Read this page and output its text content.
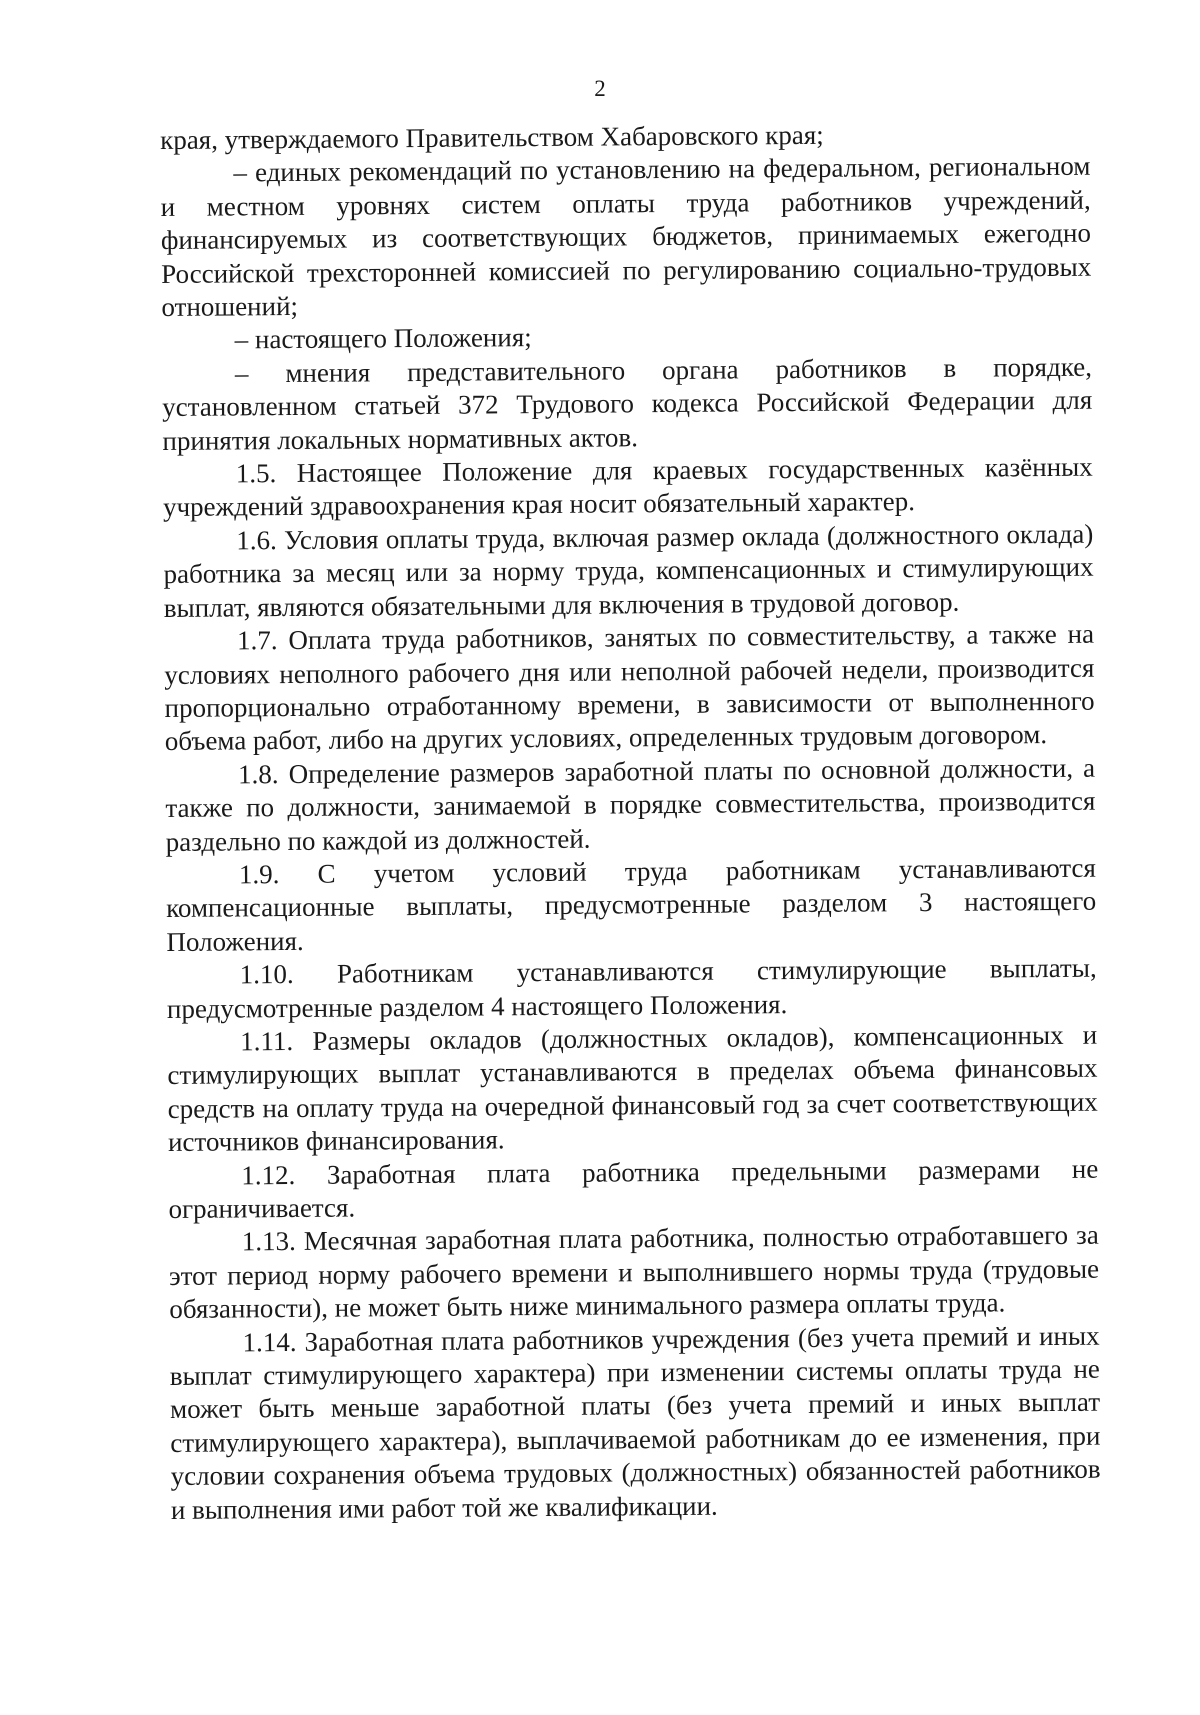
2

края, утверждаемого Правительством Хабаровского края;

– единых рекомендаций по установлению на федеральном, региональном и местном уровнях систем оплаты труда работников учреждений, финансируемых из соответствующих бюджетов, принимаемых ежегодно Российской трехсторонней комиссией по регулированию социально-трудовых отношений;

– настоящего Положения;

– мнения представительного органа работников в порядке, установленном статьей 372 Трудового кодекса Российской Федерации для принятия локальных нормативных актов.

1.5. Настоящее Положение для краевых государственных казённых учреждений здравоохранения края носит обязательный характер.

1.6. Условия оплаты труда, включая размер оклада (должностного оклада) работника за месяц или за норму труда, компенсационных и стимулирующих выплат, являются обязательными для включения в трудовой договор.

1.7. Оплата труда работников, занятых по совместительству, а также на условиях неполного рабочего дня или неполной рабочей недели, производится пропорционально отработанному времени, в зависимости от выполненного объема работ, либо на других условиях, определенных трудовым договором.

1.8. Определение размеров заработной платы по основной должности, а также по должности, занимаемой в порядке совместительства, производится раздельно по каждой из должностей.

1.9. С учетом условий труда работникам устанавливаются компенсационные выплаты, предусмотренные разделом 3 настоящего Положения.

1.10. Работникам устанавливаются стимулирующие выплаты, предусмотренные разделом 4 настоящего Положения.

1.11. Размеры окладов (должностных окладов), компенсационных и стимулирующих выплат устанавливаются в пределах объема финансовых средств на оплату труда на очередной финансовый год за счет соответствующих источников финансирования.

1.12. Заработная плата работника предельными размерами не ограничивается.

1.13. Месячная заработная плата работника, полностью отработавшего за этот период норму рабочего времени и выполнившего нормы труда (трудовые обязанности), не может быть ниже минимального размера оплаты труда.

1.14. Заработная плата работников учреждения (без учета премий и иных выплат стимулирующего характера) при изменении системы оплаты труда не может быть меньше заработной платы (без учета премий и иных выплат стимулирующего характера), выплачиваемой работникам до ее изменения, при условии сохранения объема трудовых (должностных) обязанностей работников и выполнения ими работ той же квалификации.
